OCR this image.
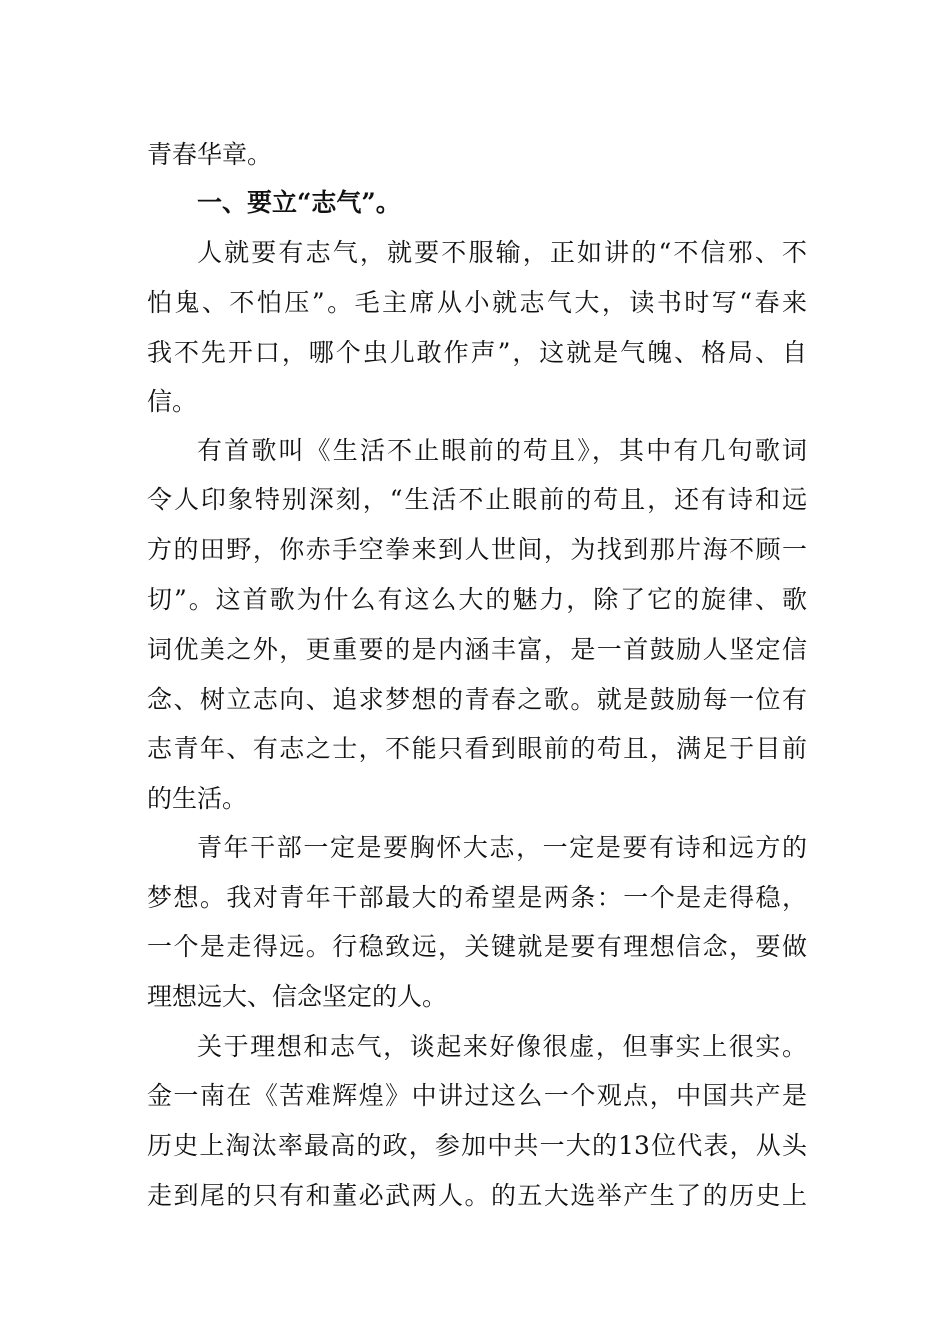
青春华章。
一、要立“志气”。
人就要有志气，就要不服输，正如讲的“不信邪、不
怕鬼、不怕压”。毛主席从小就志气大，读书时写“春来
我不先开口，哪个虫儿敢作声”，这就是气魄、格局、自
信。
有首歌叫《生活不止眼前的苟且》，其中有几句歌词
令人印象特别深刻，“生活不止眼前的苟且，还有诗和远
方的田野，你赤手空拳来到人世间，为找到那片海不顾一
切”。这首歌为什么有这么大的魅力，除了它的旋律、歌
词优美之外，更重要的是内涵丰富，是一首鼓励人坚定信
念、树立志向、追求梦想的青春之歌。就是鼓励每一位有
志青年、有志之士，不能只看到眼前的苟且，满足于目前
的生活。
青年干部一定是要胸怀大志，一定是要有诗和远方的
梦想。我对青年干部最大的希望是两条：一个是走得稳，
一个是走得远。行稳致远，关键就是要有理想信念，要做
理想远大、信念坚定的人。
关于理想和志气，谈起来好像很虚，但事实上很实。
金一南在《苦难辉煌》中讲过这么一个观点，中国共产是
历史上淘汰率最高的政，参加中共一大的13位代表，从头
走到尾的只有和董必武两人。的五大选举产生了的历史上
